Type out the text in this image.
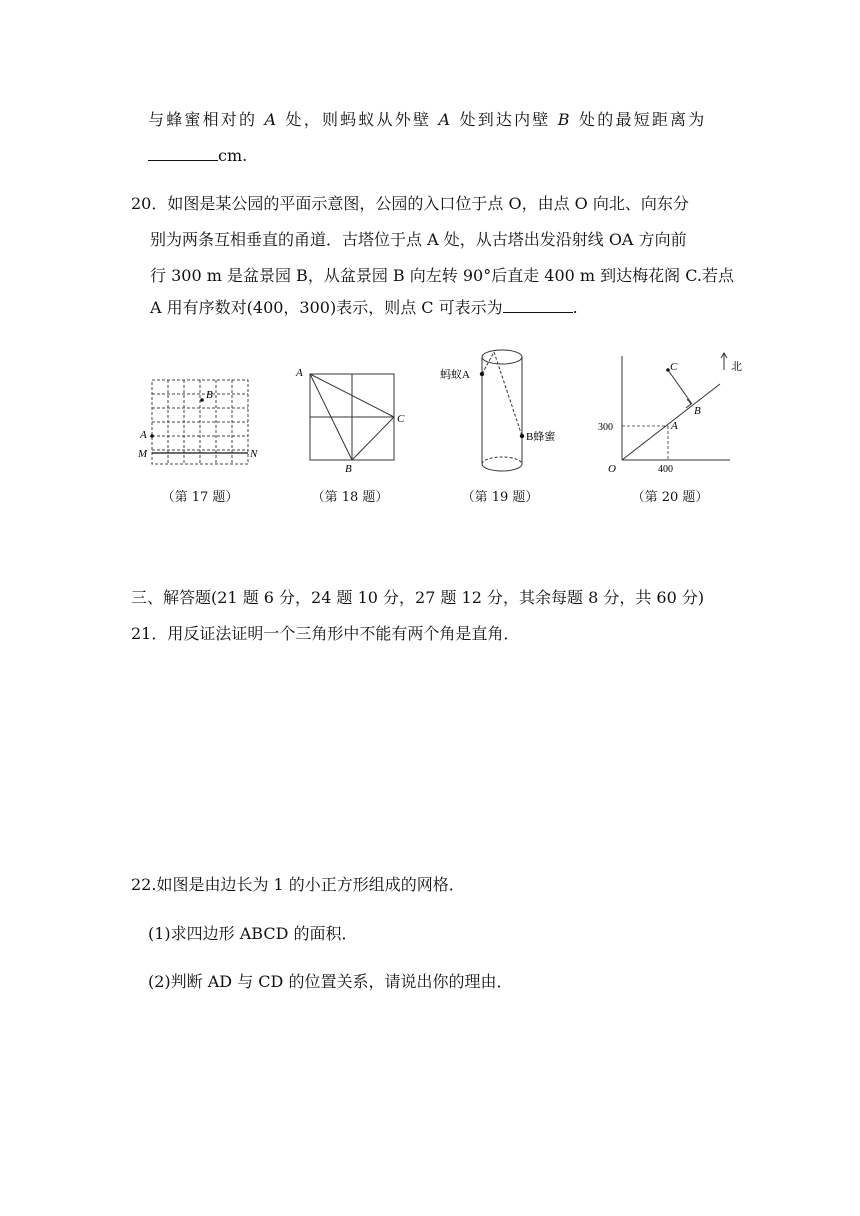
与蜂蜜相对的 A 处，则蚂蚁从外壁 A 处到达内壁 B 处的最短距离为
cm.
20．如图是某公园的平面示意图，公园的入口位于点 O，由点 O 向北、向东分
别为两条互相垂直的甬道．古塔位于点 A 处，从古塔出发沿射线 OA 方向前
行 300 m 是盆景园 B，从盆景园 B 向左转 90°后直走 400 m 到达梅花阁 C.若点
A 用有序数对(400，300)表示，则点 C 可表示为	.
B
A
M	N
（第 17 题）
A
C
B
（第 18 题）
蚂蚁A
B蜂蜜
（第 19 题）
北
C
B
A
O
300
400
（第 20 题）
三、解答题(21 题 6 分，24 题 10 分，27 题 12 分，其余每题 8 分，共 60 分)
21．用反证法证明一个三角形中不能有两个角是直角．
22.如图是由边长为 1 的小正方形组成的网格．
(1)求四边形 ABCD 的面积．
(2)判断 AD 与 CD 的位置关系，请说出你的理由．
